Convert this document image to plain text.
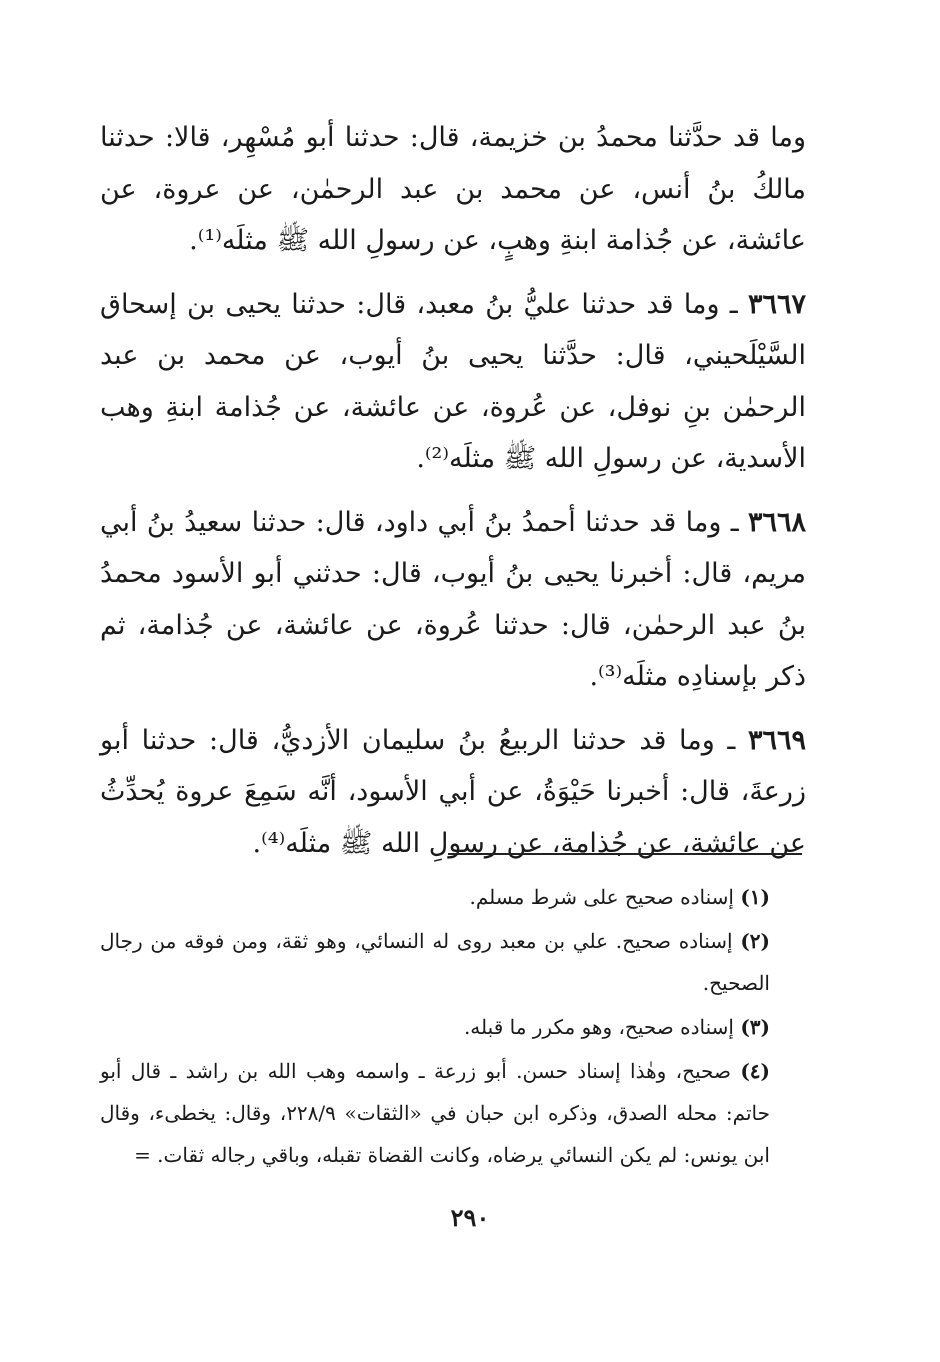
وما قد حدَّثنا محمدُ بن خزيمة، قال: حدثنا أبو مُسْهِر، قالا: حدثنا مالكُ بنُ أنس، عن محمد بن عبد الرحمٰن، عن عروة، عن عائشة، عن جُذامة ابنةِ وهبٍ، عن رسولِ الله ﷺ مثلَه⁽¹⁾.

٣٦٦٧ ـ وما قد حدثنا عليُّ بنُ معبد، قال: حدثنا يحيى بن إسحاق السَّيْلَحيني، قال: حدَّثنا يحيى بنُ أيوب، عن محمد بن عبد الرحمٰن بنِ نوفل، عن عُروة، عن عائشة، عن جُذامة ابنةِ وهب الأسدية، عن رسولِ الله ﷺ مثلَه⁽²⁾.

٣٦٦٨ ـ وما قد حدثنا أحمدُ بنُ أبي داود، قال: حدثنا سعيدُ بنُ أبي مريم، قال: أخبرنا يحيى بنُ أيوب، قال: حدثني أبو الأسود محمدُ بنُ عبد الرحمٰن، قال: حدثنا عُروة، عن عائشة، عن جُذامة، ثم ذكر بإسنادِه مثلَه⁽³⁾.

٣٦٦٩ ـ وما قد حدثنا الربيعُ بنُ سليمان الأزديُّ، قال: حدثنا أبو زرعةَ، قال: أخبرنا حَيْوَةُ، عن أبي الأسود، أنَّه سَمِعَ عروة يُحدِّثُ عن عائشة، عن جُذامة، عن رسولِ الله ﷺ مثلَه⁽⁴⁾.

(١) إسناده صحيح على شرط مسلم.

(٢) إسناده صحيح. علي بن معبد روى له النسائي، وهو ثقة، ومن فوقه من رجال الصحيح.

(٣) إسناده صحيح، وهو مكرر ما قبله.

(٤) صحيح، وهٰذا إسناد حسن. أبو زرعة ـ واسمه وهب الله بن راشد ـ قال أبو حاتم: محله الصدق، وذكره ابن حبان في «الثقات» ٢٢٨/٩، وقال: يخطىء، وقال ابن يونس: لم يكن النسائي يرضاه، وكانت القضاة تقبله، وباقي رجاله ثقات. =

٢٩٠
